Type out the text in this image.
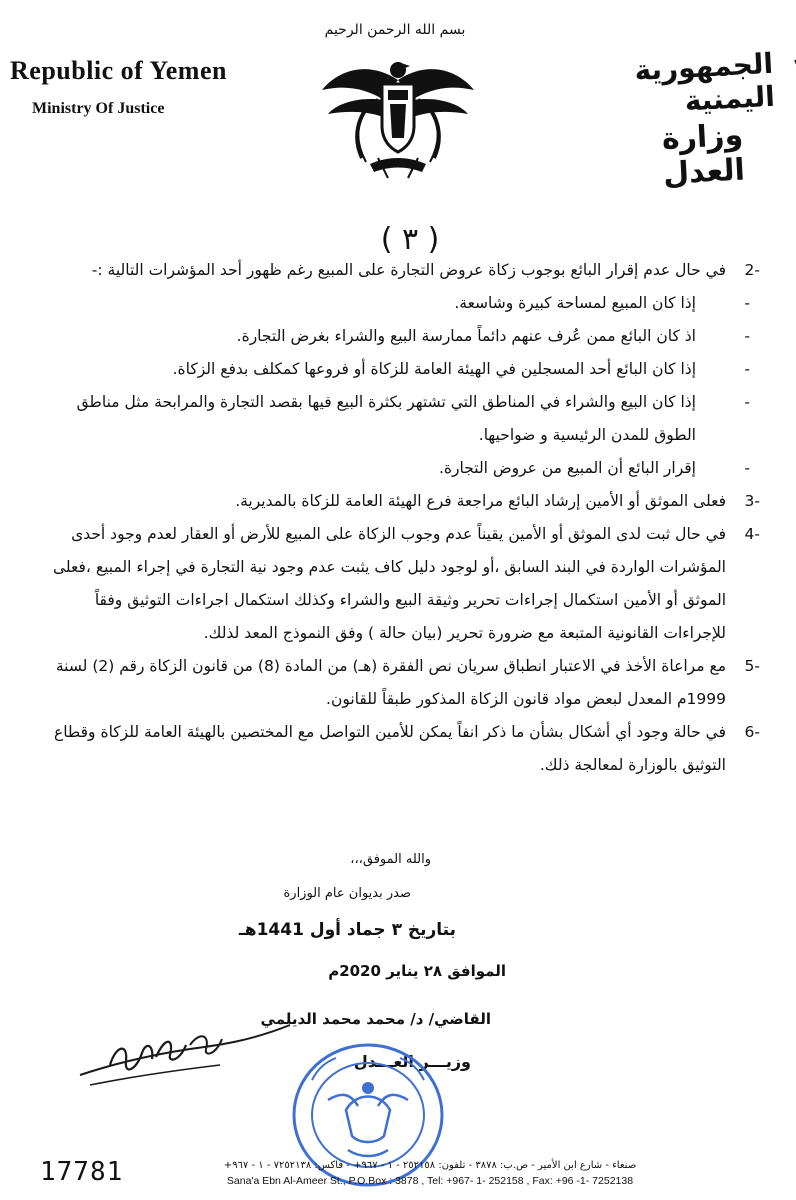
Republic of Yemen
Ministry Of Justice
بسم الله الرحمن الرحيم
الجمهورية اليمنية
وزارة العدل
( ٣ )
2-
في حال عدم إقرار البائع بوجوب زكاة عروض التجارة على المبيع رغم ظهور أحد المؤشرات التالية :-
-
إذا كان المبيع لمساحة كبيرة وشاسعة.
-
اذ كان البائع ممن عُرف عنهم دائماً ممارسة البيع والشراء بغرض التجارة.
-
إذا كان البائع أحد المسجلين في الهيئة العامة للزكاة أو فروعها كمكلف بدفع الزكاة.
-
إذا كان البيع والشراء في المناطق التي تشتهر بكثرة البيع فيها بقصد التجارة والمرابحة مثل مناطق الطوق للمدن الرئيسية و ضواحيها.
-
إقرار البائع أن المبيع من عروض التجارة.
3-
فعلى الموثق أو الأمين إرشاد البائع مراجعة فرع الهيئة العامة للزكاة بالمديرية.
4-
في حال ثبت لدى الموثق أو الأمين يقيناً عدم وجوب الزكاة على المبيع للأرض أو العقار لعدم وجود أحدى المؤشرات الواردة في البند السابق ،أو لوجود دليل كاف يثبت عدم وجود نية التجارة في إجراء المبيع ،فعلى الموثق أو الأمين استكمال إجراءات تحرير وثيقة البيع والشراء وكذلك استكمال اجراءات التوثيق وفقاً للإجراءات القانونية المتبعة مع ضرورة تحرير (بيان حالة ) وفق النموذج المعد لذلك.
5-
مع مراعاة الأخذ في الاعتبار انطباق سريان نص الفقرة (هـ) من المادة (8) من قانون الزكاة رقم (2) لسنة 1999م المعدل لبعض مواد قانون الزكاة المذكور طبقاً للقانون.
6-
في حالة وجود أي أشكال بشأن ما ذكر انفاً يمكن للأمين التواصل مع المختصين بالهيئة العامة للزكاة وقطاع التوثيق بالوزارة لمعالجة ذلك.
والله الموفق،،،
صدر بديوان عام الوزارة
بتاريخ ٣ جماد أول 1441هـ
الموافق ٢٨ يناير 2020م
القاضي/ د/ محمد محمد الديلمي
وزيـــر العـــدل
17781	صنعاء - شارع ابن الأمير - ص.ب: ٣٨٧٨ - تلفون: ٢٥٢١٥٨ - ١ - ٩٦٧+ - فاكس: ٧٢٥٢١٣٨ - ١ - ٩٦٧+
Sana'a Ebn Al-Ameer St., P.O.Box : 3878 , Tel: +967- 1- 252158 , Fax: +96 -1- 7252138
